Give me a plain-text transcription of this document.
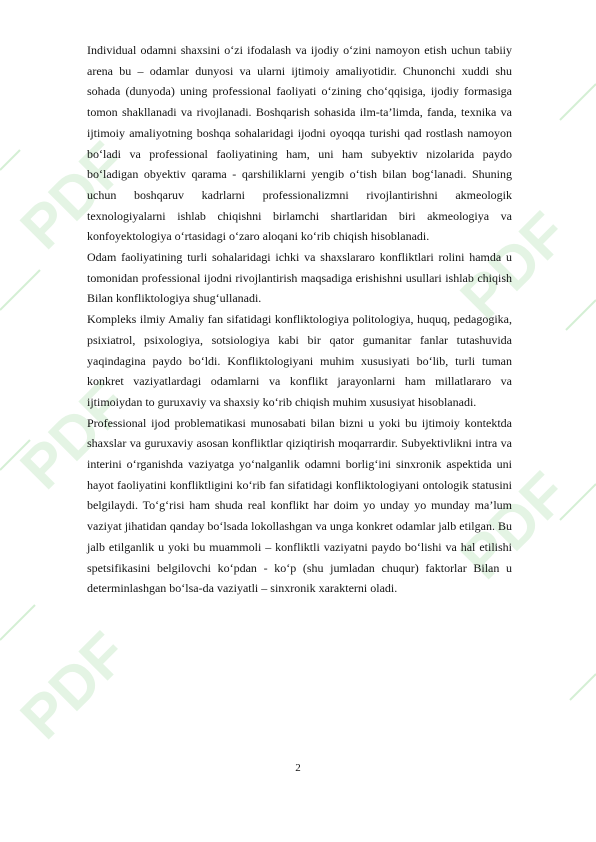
PDF
PDF
PDF
PDF
PDF

Individual odamni shaxsini o‘zi ifodalash va ijodiy o‘zini namoyon etish uchun tabiiy arena bu – odamlar dunyosi va ularni ijtimoiy amaliyotidir. Chunonchi xuddi shu sohada (dunyoda) uning professional faoliyati o‘zining cho‘qqisiga, ijodiy formasiga tomon shakllanadi va rivojlanadi. Boshqarish sohasida ilm-ta’limda, fanda, texnika va ijtimoiy amaliyotning boshqa sohalaridagi ijodni oyoqqa turishi qad rostlash namoyon bo‘ladi va professional faoliyatining ham, uni ham subyektiv nizolarida paydo bo‘ladigan obyektiv qarama - qarshiliklarni yengib o‘tish bilan bog‘lanadi. Shuning uchun boshqaruv kadrlarni professionalizmni rivojlantirishni akmeologik texnologiyalarni ishlab chiqishni birlamchi shartlaridan biri akmeologiya va konfoyektologiya o‘rtasidagi o‘zaro aloqani ko‘rib chiqish hisoblanadi.

Odam faoliyatining turli sohalaridagi ichki va shaxslararo konfliktlari rolini hamda u tomonidan professional ijodni rivojlantirish maqsadiga erishishni usullari ishlab chiqish Bilan konfliktologiya shug‘ullanadi.

Kompleks ilmiy Amaliy fan sifatidagi konfliktologiya politologiya, huquq, pedagogika, psixiatrol, psixologiya, sotsiologiya kabi bir qator gumanitar fanlar tutashuvida yaqindagina paydo bo‘ldi. Konfliktologiyani muhim xususiyati bo‘lib, turli tuman konkret vaziyatlardagi odamlarni va konflikt jarayonlarni ham millatlararo va ijtimoiydan to guruxaviy va shaxsiy ko‘rib chiqish muhim xususiyat hisoblanadi.

Professional ijod problematikasi munosabati bilan bizni u yoki bu ijtimoiy kontektda shaxslar va guruxaviy asosan konfliktlar qiziqtirish moqarrardir. Subyektivlikni intra va interini o‘rganishda vaziyatga yo‘nalganlik odamni borlig‘ini sinxronik aspektida uni hayot faoliyatini konfliktligini ko‘rib fan sifatidagi konfliktologiyani ontologik statusini belgilaydi. To‘g‘risi ham shuda real konflikt har doim yo unday yo munday ma’lum vaziyat jihatidan qanday bo‘lsada lokollashgan va unga konkret odamlar jalb etilgan. Bu jalb etilganlik u yoki bu muammoli – konfliktli vaziyatni paydo bo‘lishi va hal etilishi spetsifikasini belgilovchi ko‘pdan - ko‘p (shu jumladan chuqur) faktorlar Bilan u determinlashgan bo‘lsa-da vaziyatli – sinxronik xarakterni oladi.

2
